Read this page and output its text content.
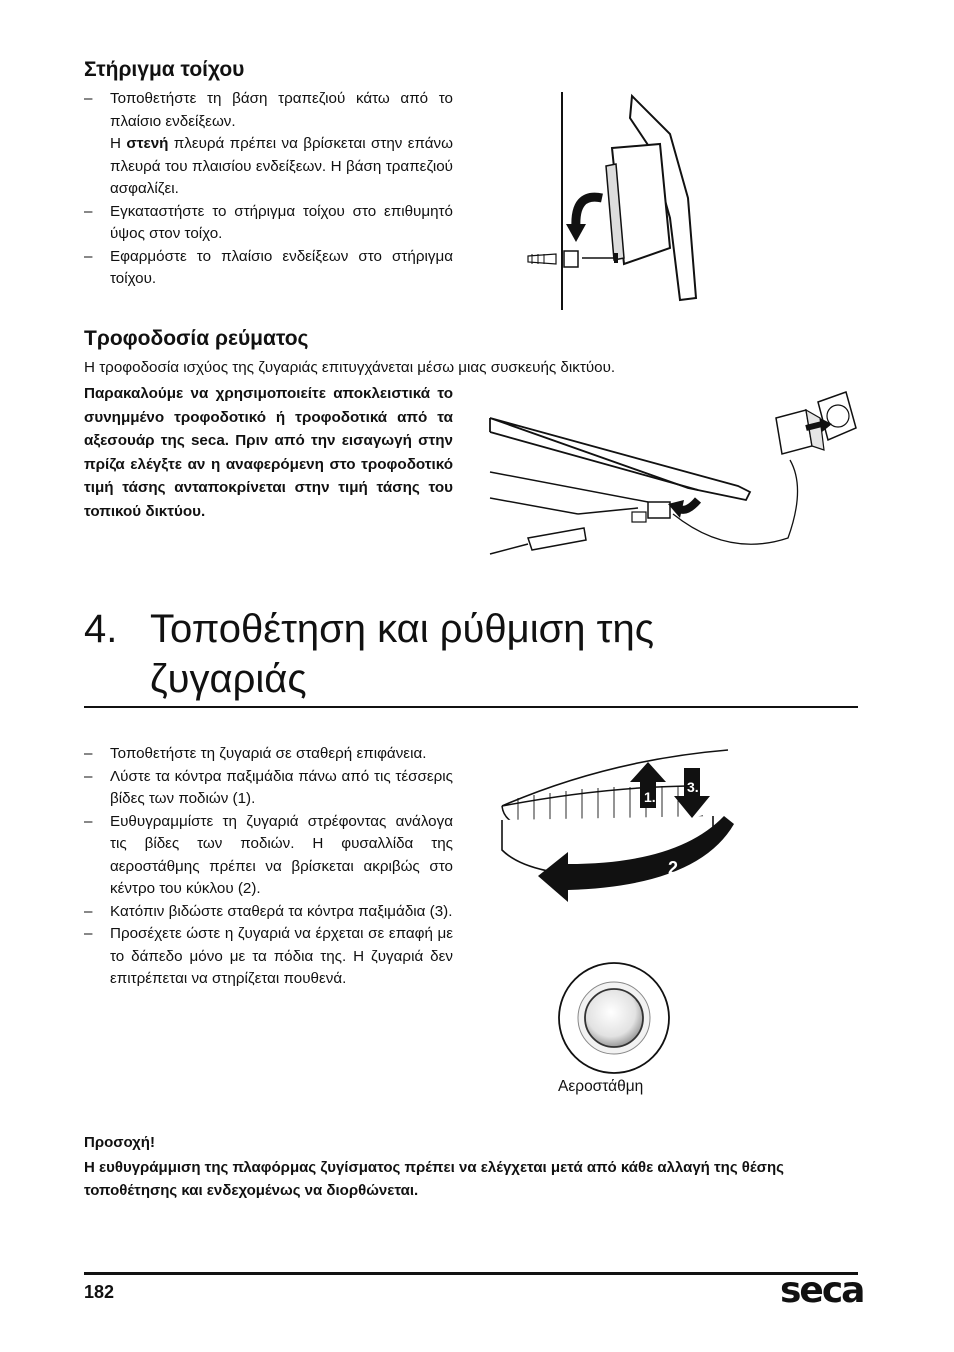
Στήριγμα τοίχου
– Τοποθετήστε τη βάση τραπεζιού κάτω από το πλαίσιο ενδείξεων.
Η στενή πλευρά πρέπει να βρίσκεται στην επάνω πλευρά του πλαισίου ενδείξεων. Η βάση τραπεζιού ασφαλίζει.
– Εγκαταστήστε το στήριγμα τοίχου στο επιθυμητό ύψος στον τοίχο.
– Εφαρμόστε το πλαίσιο ενδείξεων στο στήριγμα τοίχου.
Τροφοδοσία ρεύματος

Η τροφοδοσία ισχύος της ζυγαριάς επιτυγχάνεται μέσω μιας συσκευής δικτύου.

Παρακαλούμε να χρησιμοποιείτε αποκλειστικά το συνημμένο τροφοδοτικό ή τροφοδοτικά από τα αξεσουάρ της seca. Πριν από την εισαγωγή στην πρίζα ελέγξτε αν η αναφερόμενη στο τροφοδοτικό τιμή τάσης ανταποκρίνεται στην τιμή τάσης του τοπικού δικτύου.
4. Τοποθέτηση και ρύθμιση της
ζυγαριάς
– Τοποθετήστε τη ζυγαριά σε σταθερή επιφάνεια.
– Λύστε τα κόντρα παξιμάδια πάνω από τις τέσσερις βίδες των ποδιών (1).
– Ευθυγραμμίστε τη ζυγαριά στρέφοντας ανάλογα τις βίδες των ποδιών. Η φυσαλλίδα της αεροστάθμης πρέπει να βρίσκεται ακριβώς στο κέντρο του κύκλου (2).
– Κατόπιν βιδώστε σταθερά τα κόντρα παξιμάδια (3).
– Προσέχετε ώστε η ζυγαριά να έρχεται σε επαφή με το δάπεδο μόνο με τα πόδια της. Η ζυγαριά δεν επιτρέπεται να στηρίζεται πουθενά.
1.
3.
2.
Αεροστάθμη
Προσοχή!
Η ευθυγράμμιση της πλαφόρμας ζυγίσματος πρέπει να ελέγχεται μετά από κάθε αλλαγή της θέσης τοποθέτησης και ενδεχομένως να διορθώνεται.
182	seca
